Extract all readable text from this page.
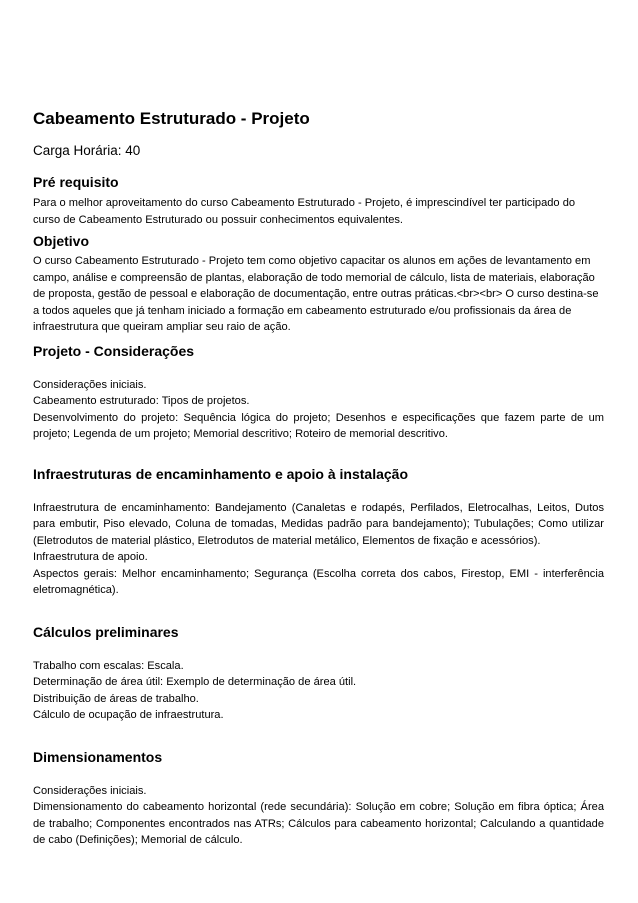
Cabeamento Estruturado - Projeto
Carga Horária: 40
Pré requisito

Para o melhor aproveitamento do curso Cabeamento Estruturado - Projeto, é imprescindível ter participado do curso de Cabeamento Estruturado ou possuir conhecimentos equivalentes.

Objetivo

O curso Cabeamento Estruturado - Projeto tem como objetivo capacitar os alunos em ações de levantamento em campo, análise e compreensão de plantas, elaboração de todo memorial de cálculo, lista de materiais, elaboração de proposta, gestão de pessoal e elaboração de documentação, entre outras práticas.<br><br> O curso destina-se a todos aqueles que já tenham iniciado a formação em cabeamento estruturado e/ou profissionais da área de infraestrutura que queiram ampliar seu raio de ação.

Projeto - Considerações

Considerações iniciais.

Cabeamento estruturado: Tipos de projetos.

Desenvolvimento do projeto: Sequência lógica do projeto; Desenhos e especificações que fazem parte de um projeto; Legenda de um projeto; Memorial descritivo; Roteiro de memorial descritivo.

Infraestruturas de encaminhamento e apoio à instalação

Infraestrutura de encaminhamento: Bandejamento (Canaletas e rodapés, Perfilados, Eletrocalhas, Leitos, Dutos para embutir, Piso elevado, Coluna de tomadas, Medidas padrão para bandejamento); Tubulações; Como utilizar (Eletrodutos de material plástico, Eletrodutos de material metálico, Elementos de fixação e acessórios).

Infraestrutura de apoio.

Aspectos gerais: Melhor encaminhamento; Segurança (Escolha correta dos cabos, Firestop, EMI - interferência eletromagnética).

Cálculos preliminares

Trabalho com escalas: Escala.

Determinação de área útil: Exemplo de determinação de área útil.

Distribuição de áreas de trabalho.

Cálculo de ocupação de infraestrutura.

Dimensionamentos

Considerações iniciais.

Dimensionamento do cabeamento horizontal (rede secundária): Solução em cobre; Solução em fibra óptica; Área de trabalho; Componentes encontrados nas ATRs; Cálculos para cabeamento horizontal; Calculando a quantidade de cabo (Definições); Memorial de cálculo.
